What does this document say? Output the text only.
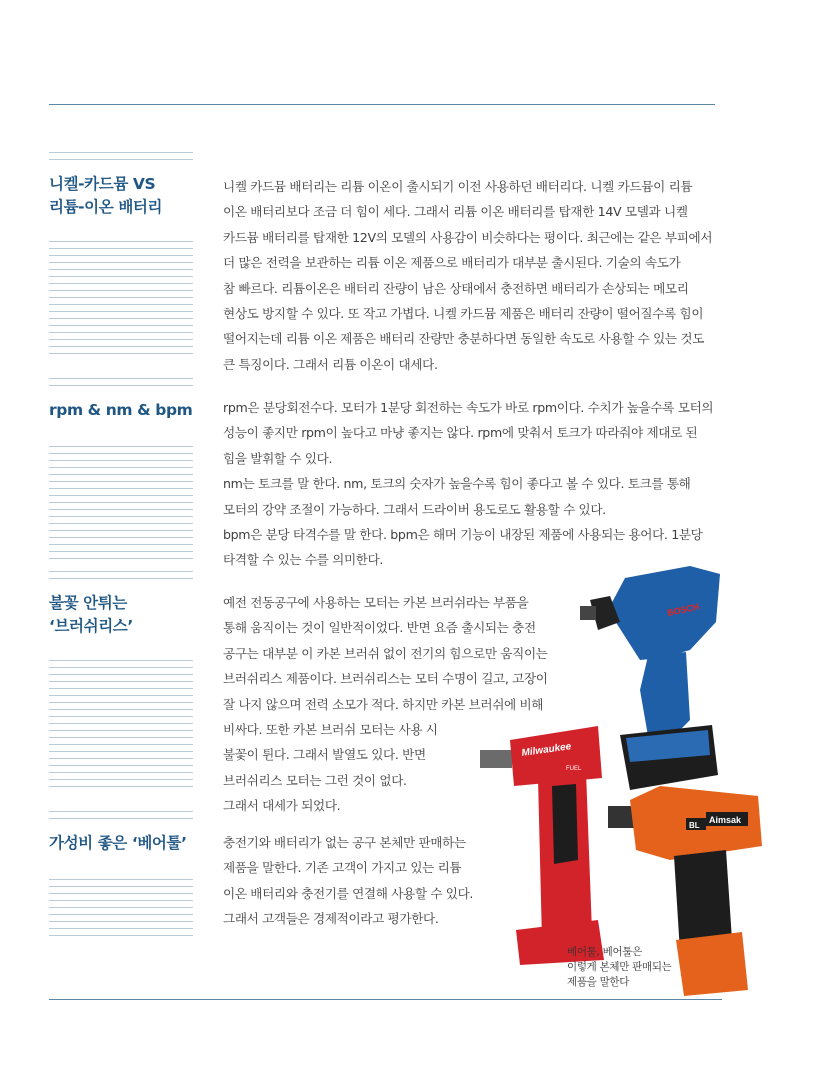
니켈-카드뮴 VS
리튬-이온 배터리

니켈 카드뮴 배터리는 리튬 이온이 출시되기 이전 사용하던 배터리다. 니켈 카드뮴이 리튬

이온 배터리보다 조금 더 힘이 세다. 그래서 리튬 이온 배터리를 탑재한 14V 모델과 니켈

카드뮴 배터리를 탑재한 12V의 모델의 사용감이 비슷하다는 평이다. 최근에는 같은 부피에서

더 많은 전력을 보관하는 리튬 이온 제품으로 배터리가 대부분 출시된다. 기술의 속도가

참 빠르다. 리튬이온은 배터리 잔량이 남은 상태에서 충전하면 배터리가 손상되는 메모리

현상도 방지할 수 있다. 또 작고 가볍다. 니켈 카드뮴 제품은 배터리 잔량이 떨어질수록 힘이

떨어지는데 리튬 이온 제품은 배터리 잔량만 충분하다면 동일한 속도로 사용할 수 있는 것도

큰 특징이다. 그래서 리튬 이온이 대세다.

rpm & nm & bpm	rpm은 분당회전수다. 모터가 1분당 회전하는 속도가 바로 rpm이다. 수치가 높을수록 모터의

성능이 좋지만 rpm이 높다고 마냥 좋지는 않다. rpm에 맞춰서 토크가 따라줘야 제대로 된

힘을 발휘할 수 있다.

nm는 토크를 말 한다. nm, 토크의 숫자가 높을수록 힘이 좋다고 볼 수 있다. 토크를 통해

모터의 강약 조절이 가능하다. 그래서 드라이버 용도로도 활용할 수 있다.

bpm은 분당 타격수를 말 한다. bpm은 해머 기능이 내장된 제품에 사용되는 용어다. 1분당

타격할 수 있는 수를 의미한다.

불꽃 안튀는
‘브러쉬리스’

예전 전동공구에 사용하는 모터는 카본 브러쉬라는 부품을

통해 움직이는 것이 일반적이었다. 반면 요즘 출시되는 충전

공구는 대부분 이 카본 브러쉬 없이 전기의 힘으로만 움직이는

브러쉬리스 제품이다. 브러쉬리스는 모터 수명이 길고, 고장이

잘 나지 않으며 전력 소모가 적다. 하지만 카본 브러쉬에 비해

비싸다. 또한 카본 브러쉬 모터는 사용 시

불꽃이 튄다. 그래서 발열도 있다. 반면

브러쉬리스 모터는 그런 것이 없다.

그래서 대세가 되었다.

가성비 좋은 ‘베어툴’	충전기와 배터리가 없는 공구 본체만 판매하는

제품을 말한다. 기존 고객이 가지고 있는 리튬

이온 배터리와 충전기를 연결해 사용할 수 있다.

그래서 고객들은 경제적이라고 평가한다.

BOSCH
Milwaukee
FUEL
BL
Aimsak
베어툴, 베어툴은
이렇게 본체만 판매되는
제품을 말한다
